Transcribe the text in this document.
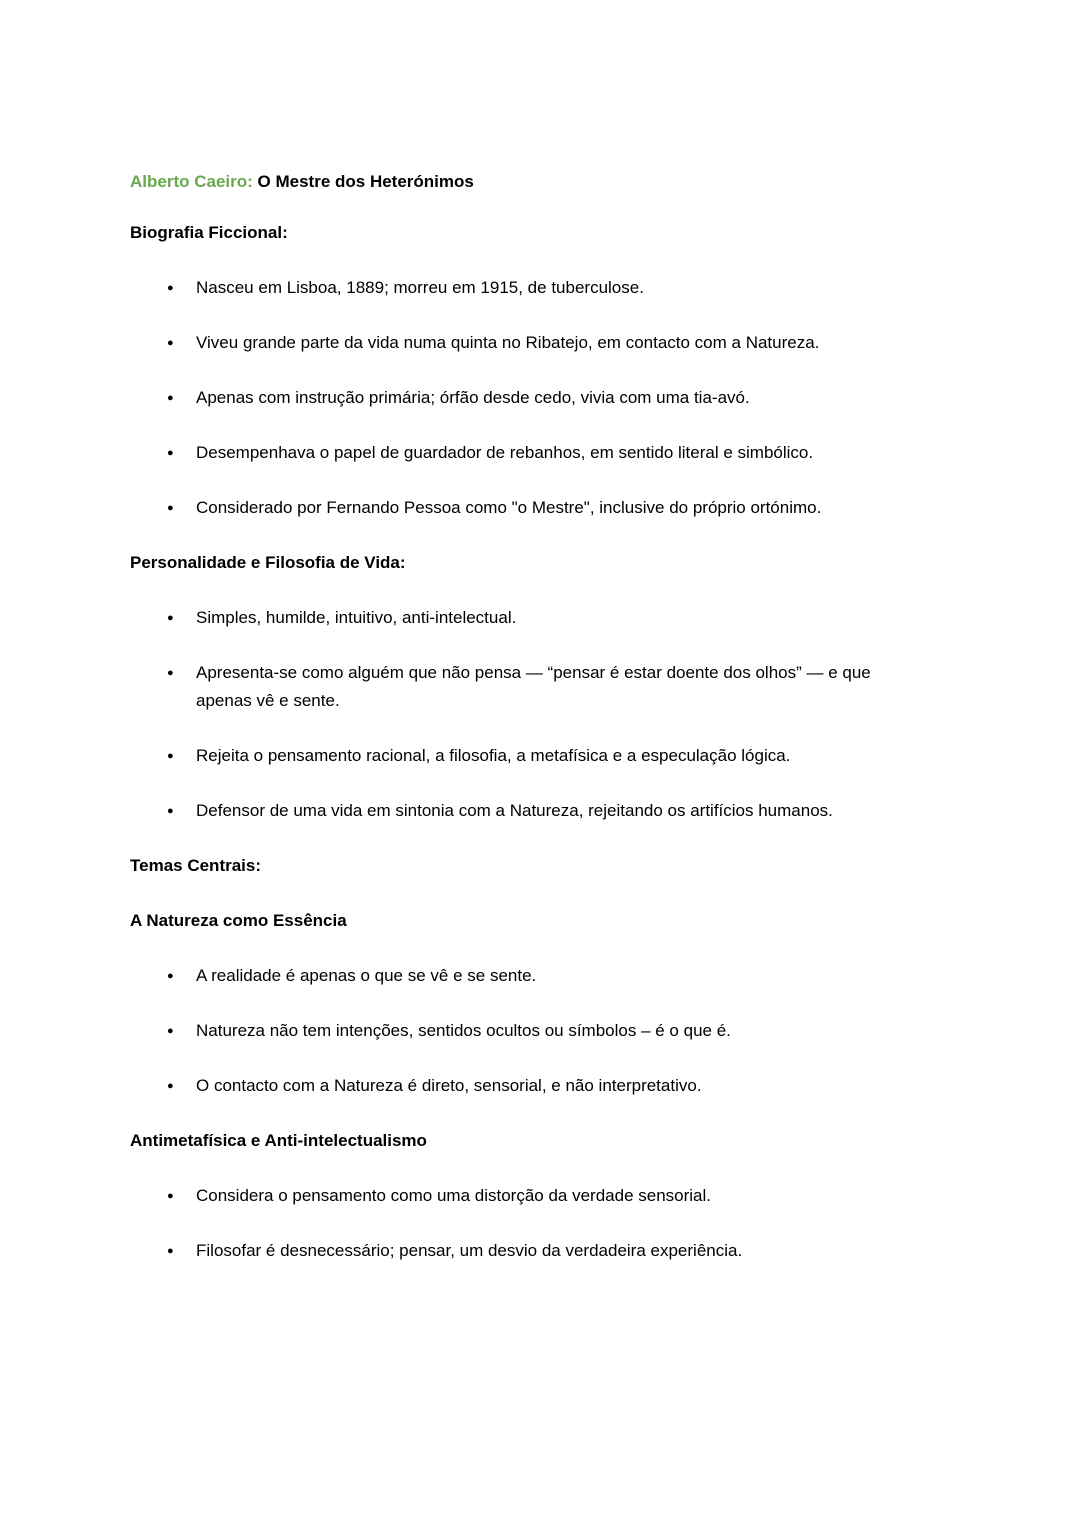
Alberto Caeiro: O Mestre dos Heterónimos

Biografia Ficcional:

● Nasceu em Lisboa, 1889; morreu em 1915, de tuberculose.
● Viveu grande parte da vida numa quinta no Ribatejo, em contacto com a Natureza.
● Apenas com instrução primária; órfão desde cedo, vivia com uma tia-avó.
● Desempenhava o papel de guardador de rebanhos, em sentido literal e simbólico.
● Considerado por Fernando Pessoa como "o Mestre", inclusive do próprio ortónimo.

Personalidade e Filosofia de Vida:

● Simples, humilde, intuitivo, anti-intelectual.
● Apresenta-se como alguém que não pensa — “pensar é estar doente dos olhos” — e que apenas vê e sente.
● Rejeita o pensamento racional, a filosofia, a metafísica e a especulação lógica.
● Defensor de uma vida em sintonia com a Natureza, rejeitando os artifícios humanos.

Temas Centrais:

A Natureza como Essência

● A realidade é apenas o que se vê e se sente.
● Natureza não tem intenções, sentidos ocultos ou símbolos – é o que é.
● O contacto com a Natureza é direto, sensorial, e não interpretativo.

Antimetafísica e Anti-intelectualismo

● Considera o pensamento como uma distorção da verdade sensorial.
● Filosofar é desnecessário; pensar, um desvio da verdadeira experiência.
